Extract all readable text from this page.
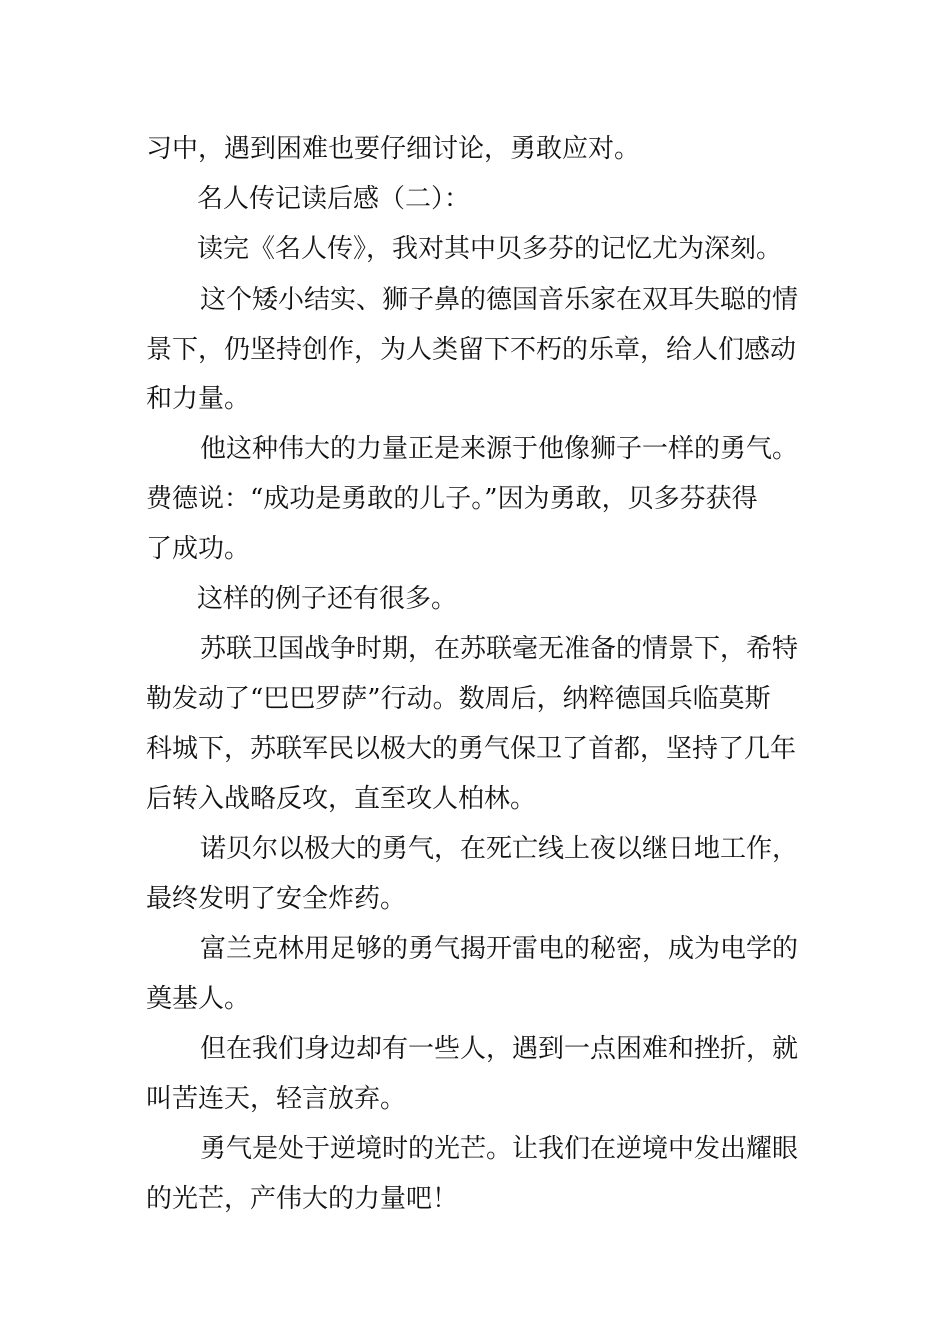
习中，遇到困难也要仔细讨论，勇敢应对。

名人传记读后感（二）：

读完《名人传》，我对其中贝多芬的记忆尤为深刻。

这个矮小结实、狮子鼻的德国音乐家在双耳失聪的情

景下，仍坚持创作，为人类留下不朽的乐章，给人们感动

和力量。

他这种伟大的力量正是来源于他像狮子一样的勇气。

费德说：“成功是勇敢的儿子。”因为勇敢，贝多芬获得

了成功。

这样的例子还有很多。

苏联卫国战争时期，在苏联毫无准备的情景下，希特

勒发动了“巴巴罗萨”行动。数周后，纳粹德国兵临莫斯

科城下，苏联军民以极大的勇气保卫了首都，坚持了几年

后转入战略反攻，直至攻人柏林。

诺贝尔以极大的勇气，在死亡线上夜以继日地工作，

最终发明了安全炸药。

富兰克林用足够的勇气揭开雷电的秘密，成为电学的

奠基人。

但在我们身边却有一些人，遇到一点困难和挫折，就

叫苦连天，轻言放弃。

勇气是处于逆境时的光芒。让我们在逆境中发出耀眼

的光芒，产伟大的力量吧！
